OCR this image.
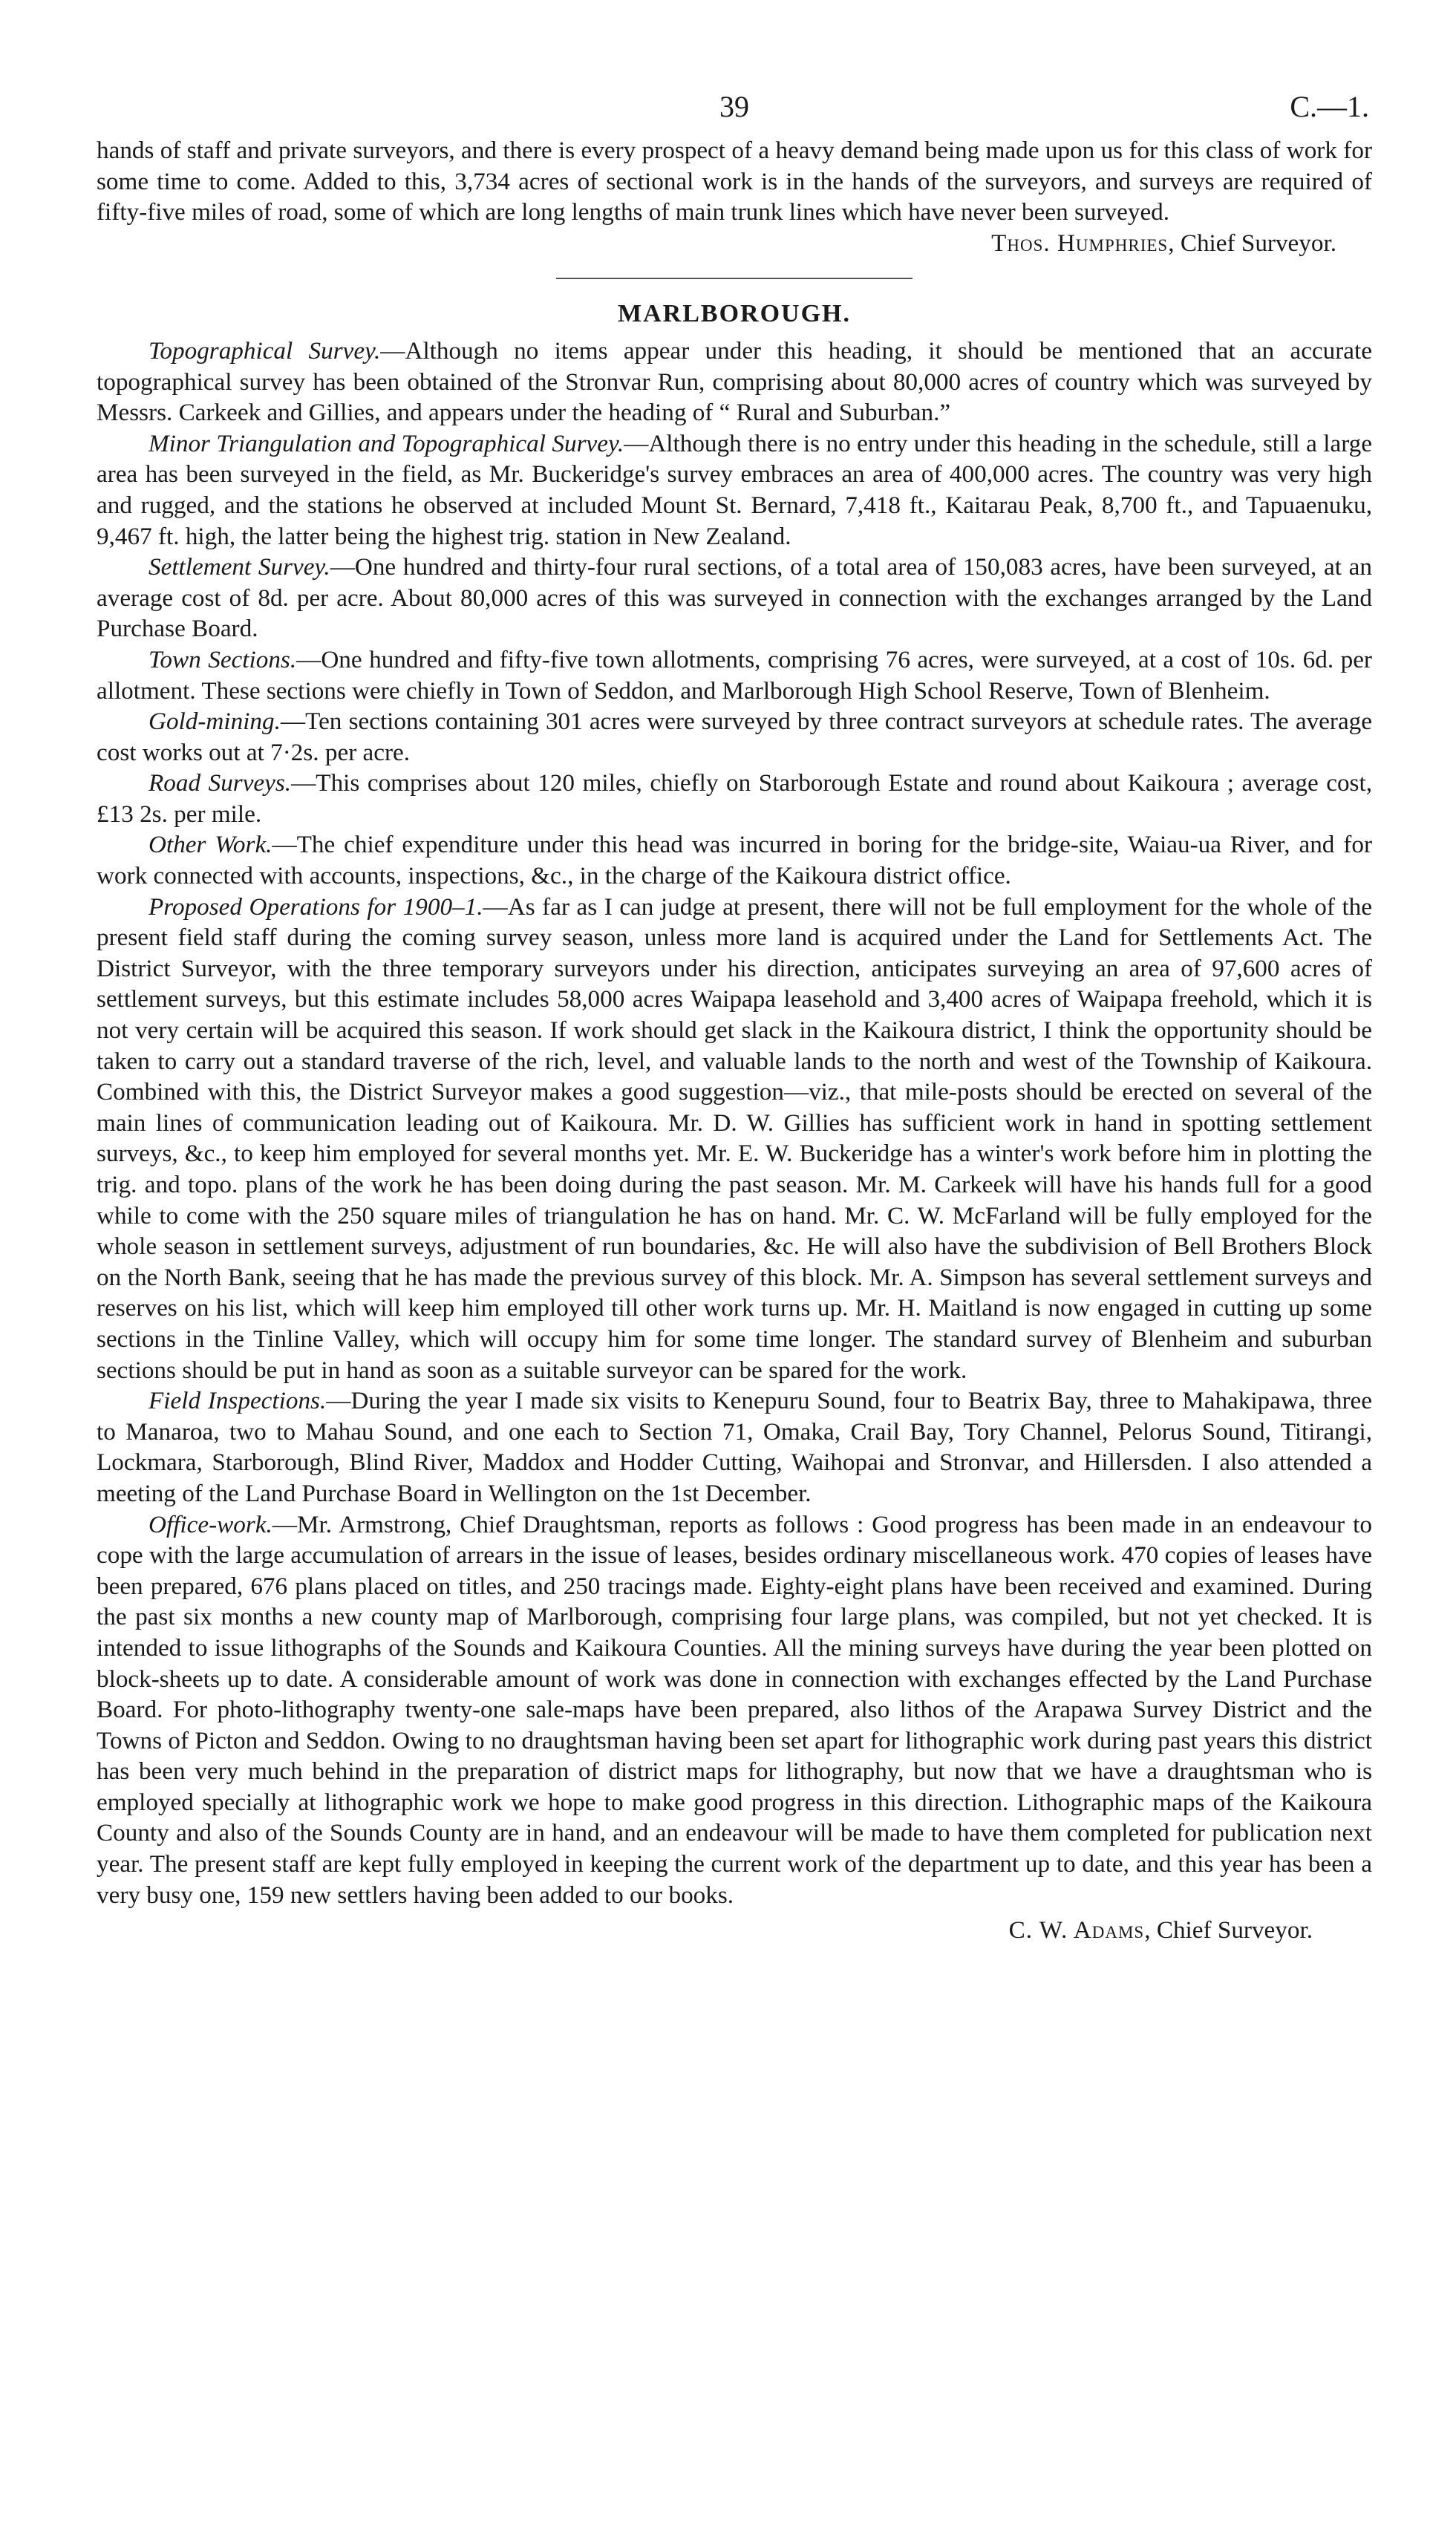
39	C.—1.

hands of staff and private surveyors, and there is every prospect of a heavy demand being made upon us for this class of work for some time to come. Added to this, 3,734 acres of sectional work is in the hands of the surveyors, and surveys are required of fifty-five miles of road, some of which are long lengths of main trunk lines which have never been surveyed.

Thos. Humphries, Chief Surveyor.

MARLBOROUGH.

Topographical Survey.—Although no items appear under this heading, it should be mentioned that an accurate topographical survey has been obtained of the Stronvar Run, comprising about 80,000 acres of country which was surveyed by Messrs. Carkeek and Gillies, and appears under the heading of “ Rural and Suburban.”

Minor Triangulation and Topographical Survey.—Although there is no entry under this heading in the schedule, still a large area has been surveyed in the field, as Mr. Buckeridge's survey embraces an area of 400,000 acres. The country was very high and rugged, and the stations he observed at included Mount St. Bernard, 7,418 ft., Kaitarau Peak, 8,700 ft., and Tapuaenuku, 9,467 ft. high, the latter being the highest trig. station in New Zealand.

Settlement Survey.—One hundred and thirty-four rural sections, of a total area of 150,083 acres, have been surveyed, at an average cost of 8d. per acre. About 80,000 acres of this was surveyed in connection with the exchanges arranged by the Land Purchase Board.

Town Sections.—One hundred and fifty-five town allotments, comprising 76 acres, were surveyed, at a cost of 10s. 6d. per allotment. These sections were chiefly in Town of Seddon, and Marlborough High School Reserve, Town of Blenheim.

Gold-mining.—Ten sections containing 301 acres were surveyed by three contract surveyors at schedule rates. The average cost works out at 7·2s. per acre.

Road Surveys.—This comprises about 120 miles, chiefly on Starborough Estate and round about Kaikoura ; average cost, £13 2s. per mile.

Other Work.—The chief expenditure under this head was incurred in boring for the bridge-site, Waiau-ua River, and for work connected with accounts, inspections, &c., in the charge of the Kaikoura district office.

Proposed Operations for 1900–1.—As far as I can judge at present, there will not be full employment for the whole of the present field staff during the coming survey season, unless more land is acquired under the Land for Settlements Act. The District Surveyor, with the three temporary surveyors under his direction, anticipates surveying an area of 97,600 acres of settlement surveys, but this estimate includes 58,000 acres Waipapa leasehold and 3,400 acres of Waipapa freehold, which it is not very certain will be acquired this season. If work should get slack in the Kaikoura district, I think the opportunity should be taken to carry out a standard traverse of the rich, level, and valuable lands to the north and west of the Township of Kaikoura. Combined with this, the District Surveyor makes a good suggestion—viz., that mile-posts should be erected on several of the main lines of communication leading out of Kaikoura. Mr. D. W. Gillies has sufficient work in hand in spotting settlement surveys, &c., to keep him employed for several months yet. Mr. E. W. Buckeridge has a winter's work before him in plotting the trig. and topo. plans of the work he has been doing during the past season. Mr. M. Carkeek will have his hands full for a good while to come with the 250 square miles of triangulation he has on hand. Mr. C. W. McFarland will be fully employed for the whole season in settlement surveys, adjustment of run boundaries, &c. He will also have the subdivision of Bell Brothers Block on the North Bank, seeing that he has made the previous survey of this block. Mr. A. Simpson has several settlement surveys and reserves on his list, which will keep him employed till other work turns up. Mr. H. Maitland is now engaged in cutting up some sections in the Tinline Valley, which will occupy him for some time longer. The standard survey of Blenheim and suburban sections should be put in hand as soon as a suitable surveyor can be spared for the work.

Field Inspections.—During the year I made six visits to Kenepuru Sound, four to Beatrix Bay, three to Mahakipawa, three to Manaroa, two to Mahau Sound, and one each to Section 71, Omaka, Crail Bay, Tory Channel, Pelorus Sound, Titirangi, Lockmara, Starborough, Blind River, Maddox and Hodder Cutting, Waihopai and Stronvar, and Hillersden. I also attended a meeting of the Land Purchase Board in Wellington on the 1st December.

Office-work.—Mr. Armstrong, Chief Draughtsman, reports as follows : Good progress has been made in an endeavour to cope with the large accumulation of arrears in the issue of leases, besides ordinary miscellaneous work. 470 copies of leases have been prepared, 676 plans placed on titles, and 250 tracings made. Eighty-eight plans have been received and examined. During the past six months a new county map of Marlborough, comprising four large plans, was compiled, but not yet checked. It is intended to issue lithographs of the Sounds and Kaikoura Counties. All the mining surveys have during the year been plotted on block-sheets up to date. A considerable amount of work was done in connection with exchanges effected by the Land Purchase Board. For photo-lithography twenty-one sale-maps have been prepared, also lithos of the Arapawa Survey District and the Towns of Picton and Seddon. Owing to no draughtsman having been set apart for lithographic work during past years this district has been very much behind in the preparation of district maps for lithography, but now that we have a draughtsman who is employed specially at lithographic work we hope to make good progress in this direction. Lithographic maps of the Kaikoura County and also of the Sounds County are in hand, and an endeavour will be made to have them completed for publication next year. The present staff are kept fully employed in keeping the current work of the department up to date, and this year has been a very busy one, 159 new settlers having been added to our books.

C. W. Adams, Chief Surveyor.
